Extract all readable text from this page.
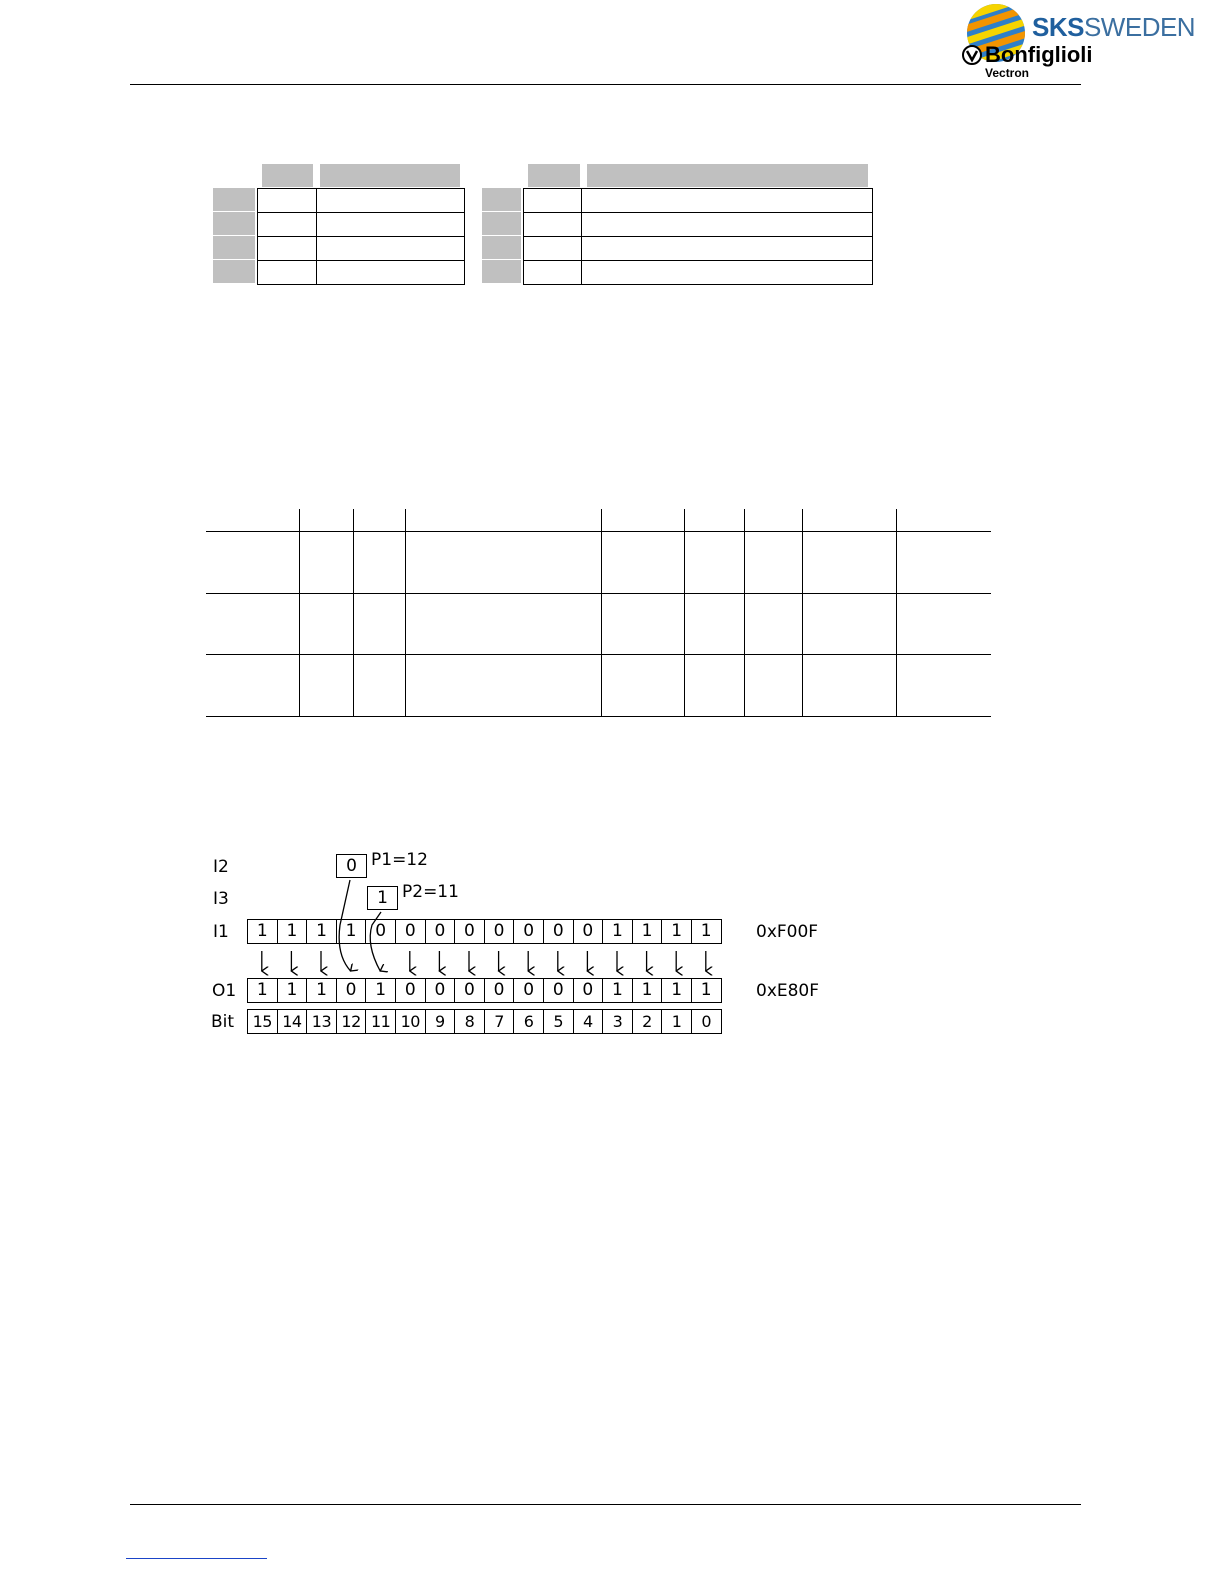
SKSSWEDEN
Bonfiglioli
Vectron
I2
I3
I1
O1
Bit
0 P1=12
1 P2=11
1	1	1	1	0	0	0	0	0	0	0	0	1	1	1	1
1	1	1	0	1	0	0	0	0	0	0	0	1	1	1	1
15 14 13 12 11 10 9	8	7	6	5	4	3	2	1	0
0xF00F
0xE80F
